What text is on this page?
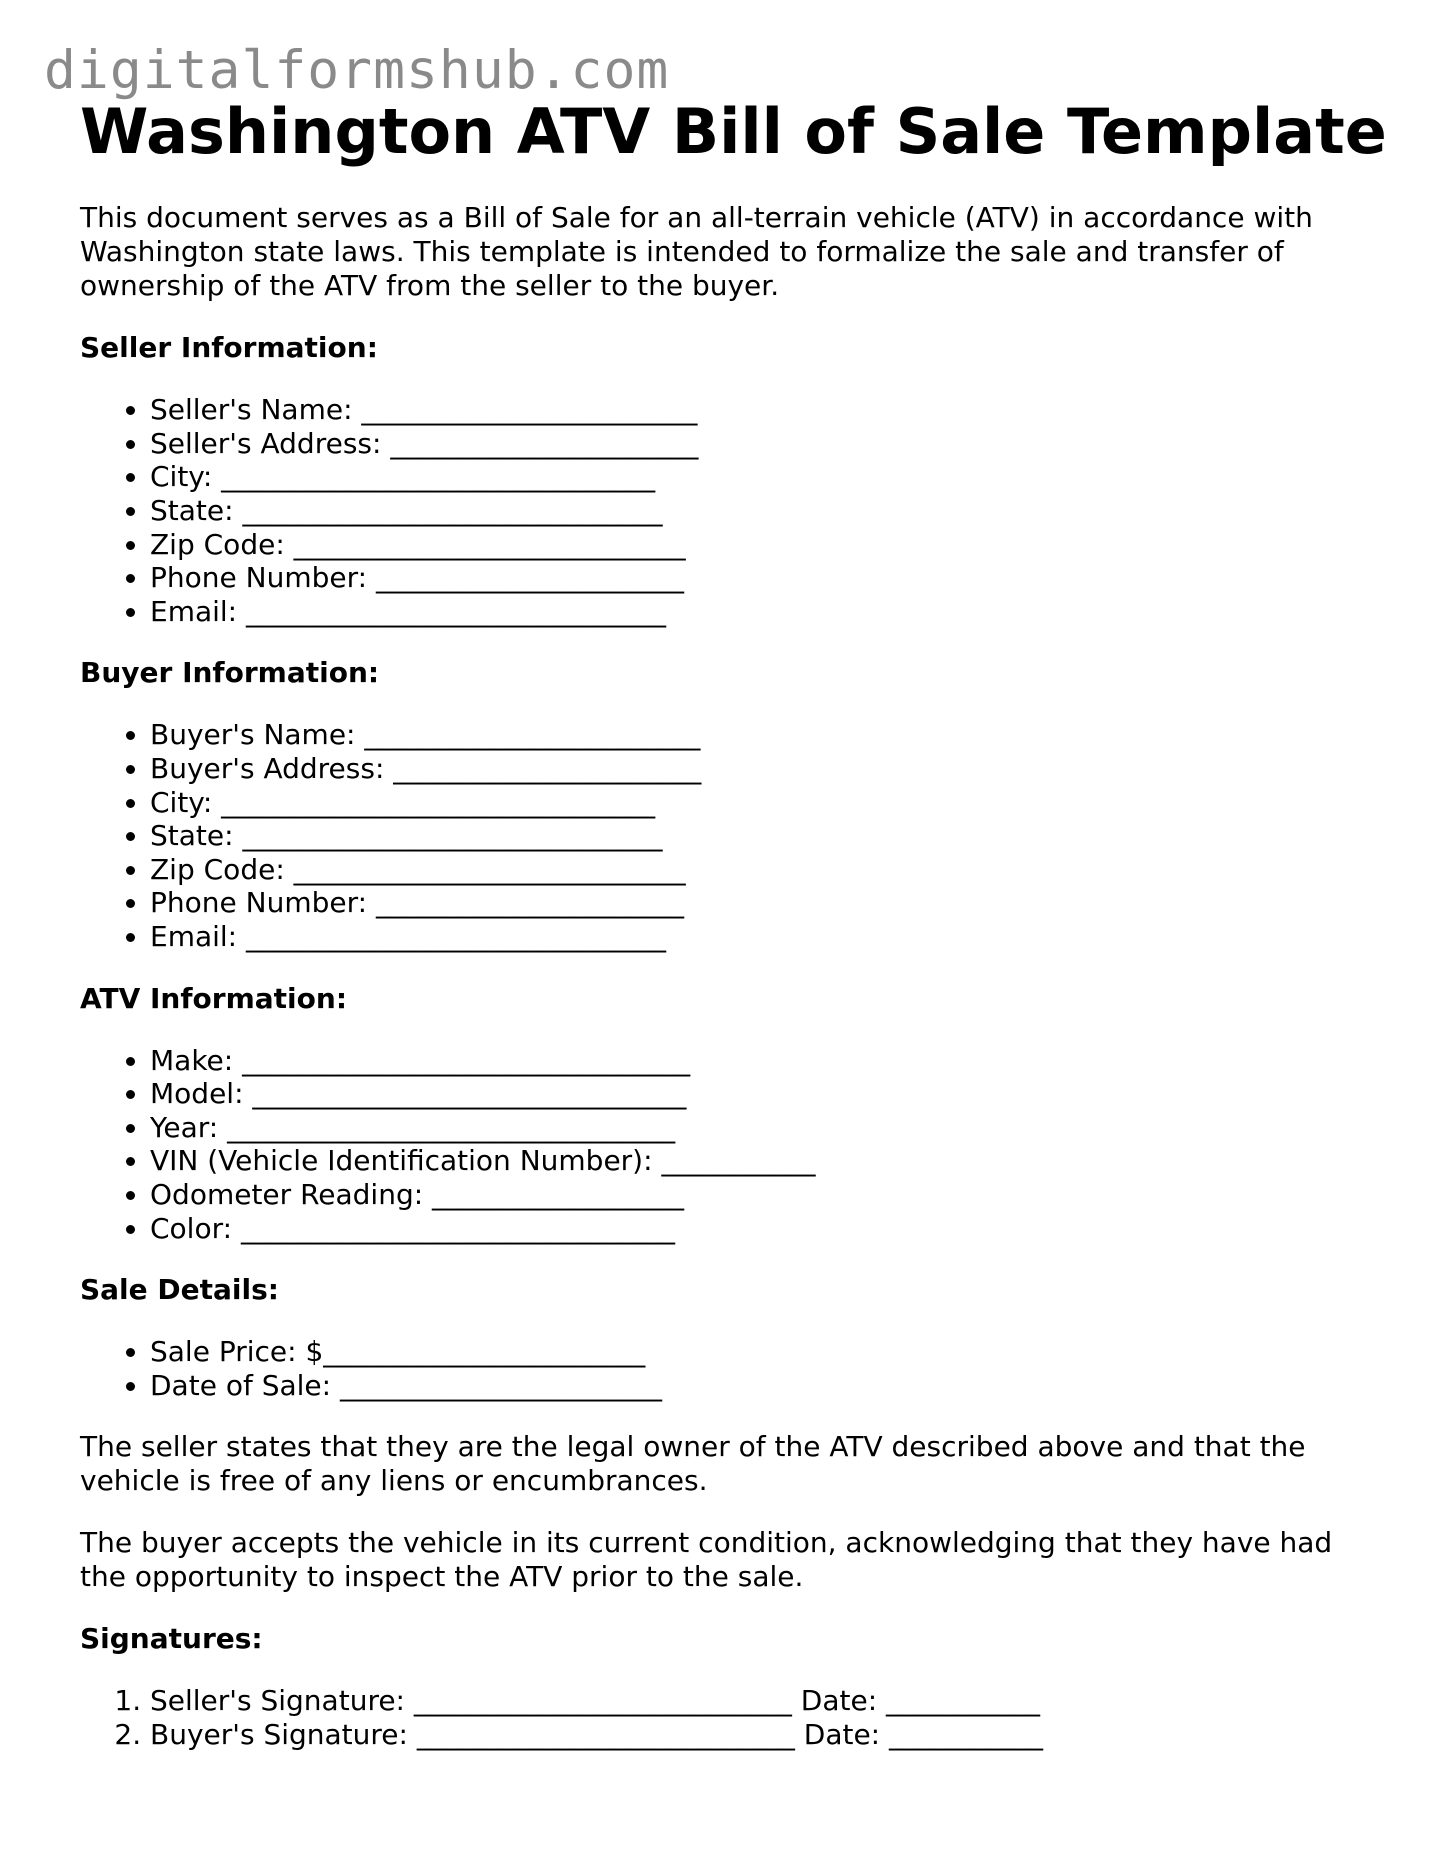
digitalformshub.com
Washington ATV Bill of Sale Template

This document serves as a Bill of Sale for an all-terrain vehicle (ATV) in accordance with Washington state laws. This template is intended to formalize the sale and transfer of ownership of the ATV from the seller to the buyer.

Seller Information:
• Seller's Name: ________________________
• Seller's Address: ______________________
• City: _______________________________
• State: ______________________________
• Zip Code: ____________________________
• Phone Number: ______________________
• Email: ______________________________
Buyer Information:
• Buyer's Name: ________________________
• Buyer's Address: ______________________
• City: _______________________________
• State: ______________________________
• Zip Code: ____________________________
• Phone Number: ______________________
• Email: ______________________________
ATV Information:
• Make: ________________________________
• Model: _______________________________
• Year: ________________________________
• VIN (Vehicle Identification Number): ___________
• Odometer Reading: __________________
• Color: _______________________________
Sale Details:
• Sale Price: $_______________________
• Date of Sale: _______________________

The seller states that they are the legal owner of the ATV described above and that the vehicle is free of any liens or encumbrances.

The buyer accepts the vehicle in its current condition, acknowledging that they have had the opportunity to inspect the ATV prior to the sale.

Signatures:
1. Seller's Signature: ___________________________ Date: ___________
2. Buyer's Signature: ___________________________ Date: ___________
